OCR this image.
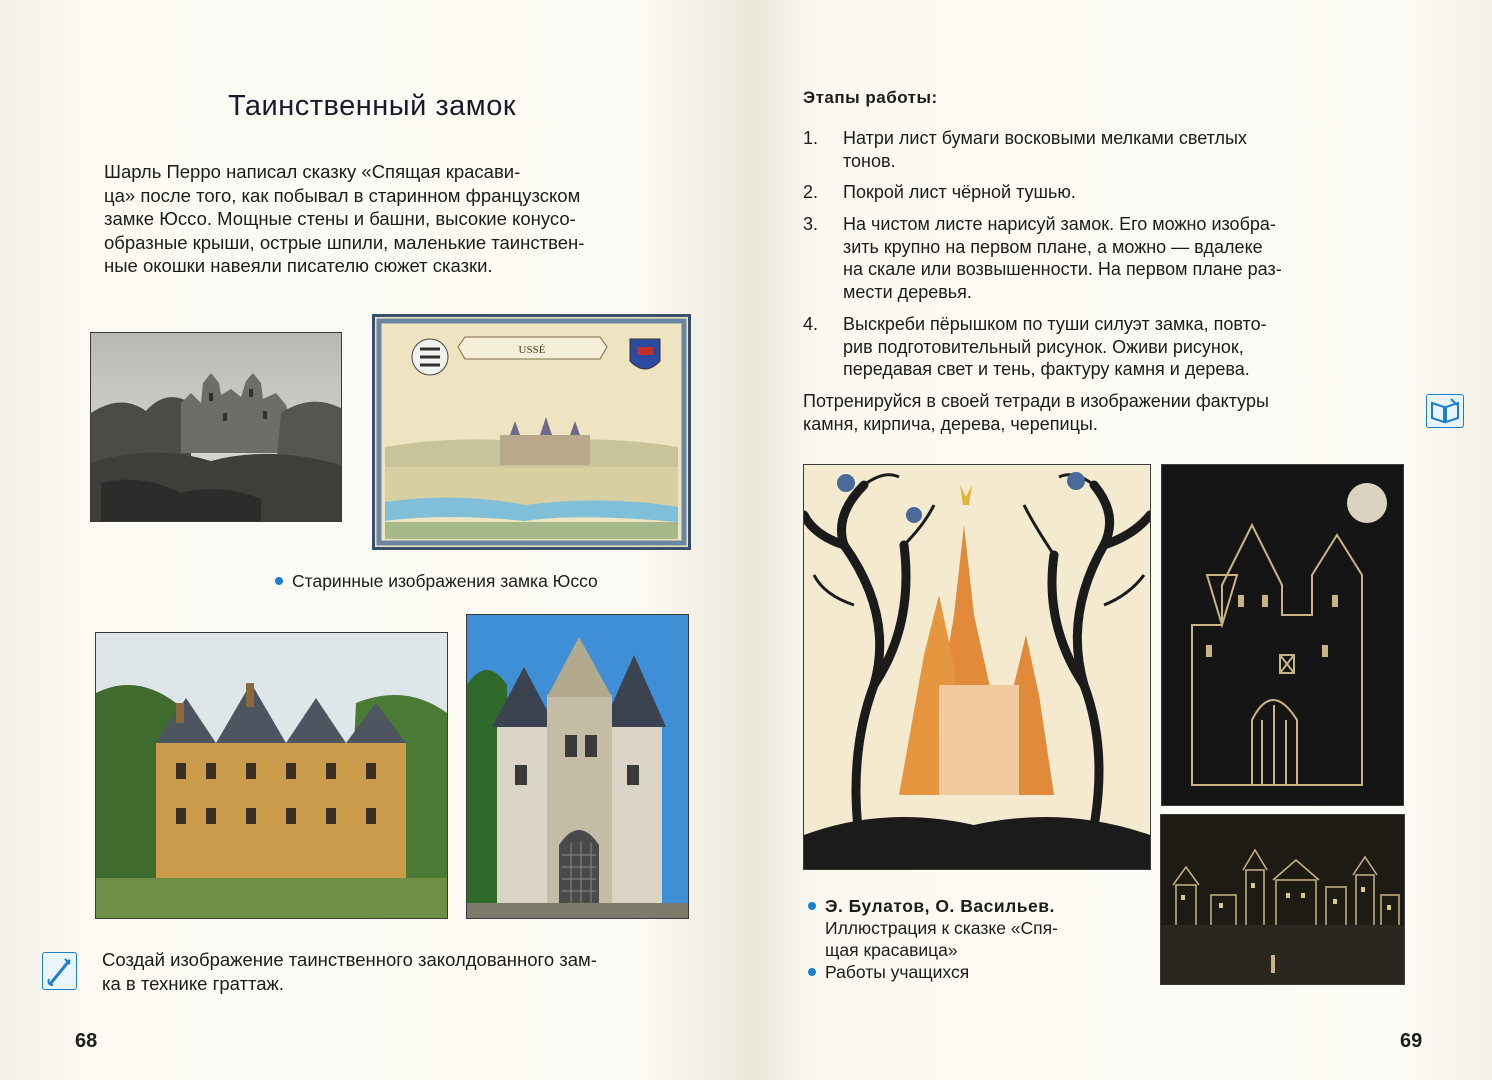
Таинственный замок
Шарль Перро написал сказку «Спящая красави-
ца» после того, как побывал в старинном французском
замке Юссо. Мощные стены и башни, высокие конусо-
образные крыши, острые шпили, маленькие таинствен-
ные окошки навеяли писателю сюжет сказки.
USSÉ
Старинные изображения замка Юссо
Создай изображение таинственного заколдованного зам-
ка в технике граттаж.
68
Этапы работы:
1.	Натри лист бумаги восковыми мелками светлых
тонов.
2.	Покрой лист чёрной тушью.
3.	На чистом листе нарисуй замок. Его можно изобра-
зить крупно на первом плане, а можно — вдалеке
на скале или возвышенности. На первом плане раз-
мести деревья.
4.	Выскреби пёрышком по туши силуэт замка, повто-
рив подготовительный рисунок. Оживи рисунок,
передавая свет и тень, фактуру камня и дерева.
Потренируйся в своей тетради в изображении фактуры
камня, кирпича, дерева, черепицы.
Э. Булатов, О. Васильев.
Иллюстрация к сказке «Спя-
щая красавица»
Работы учащихся
69
